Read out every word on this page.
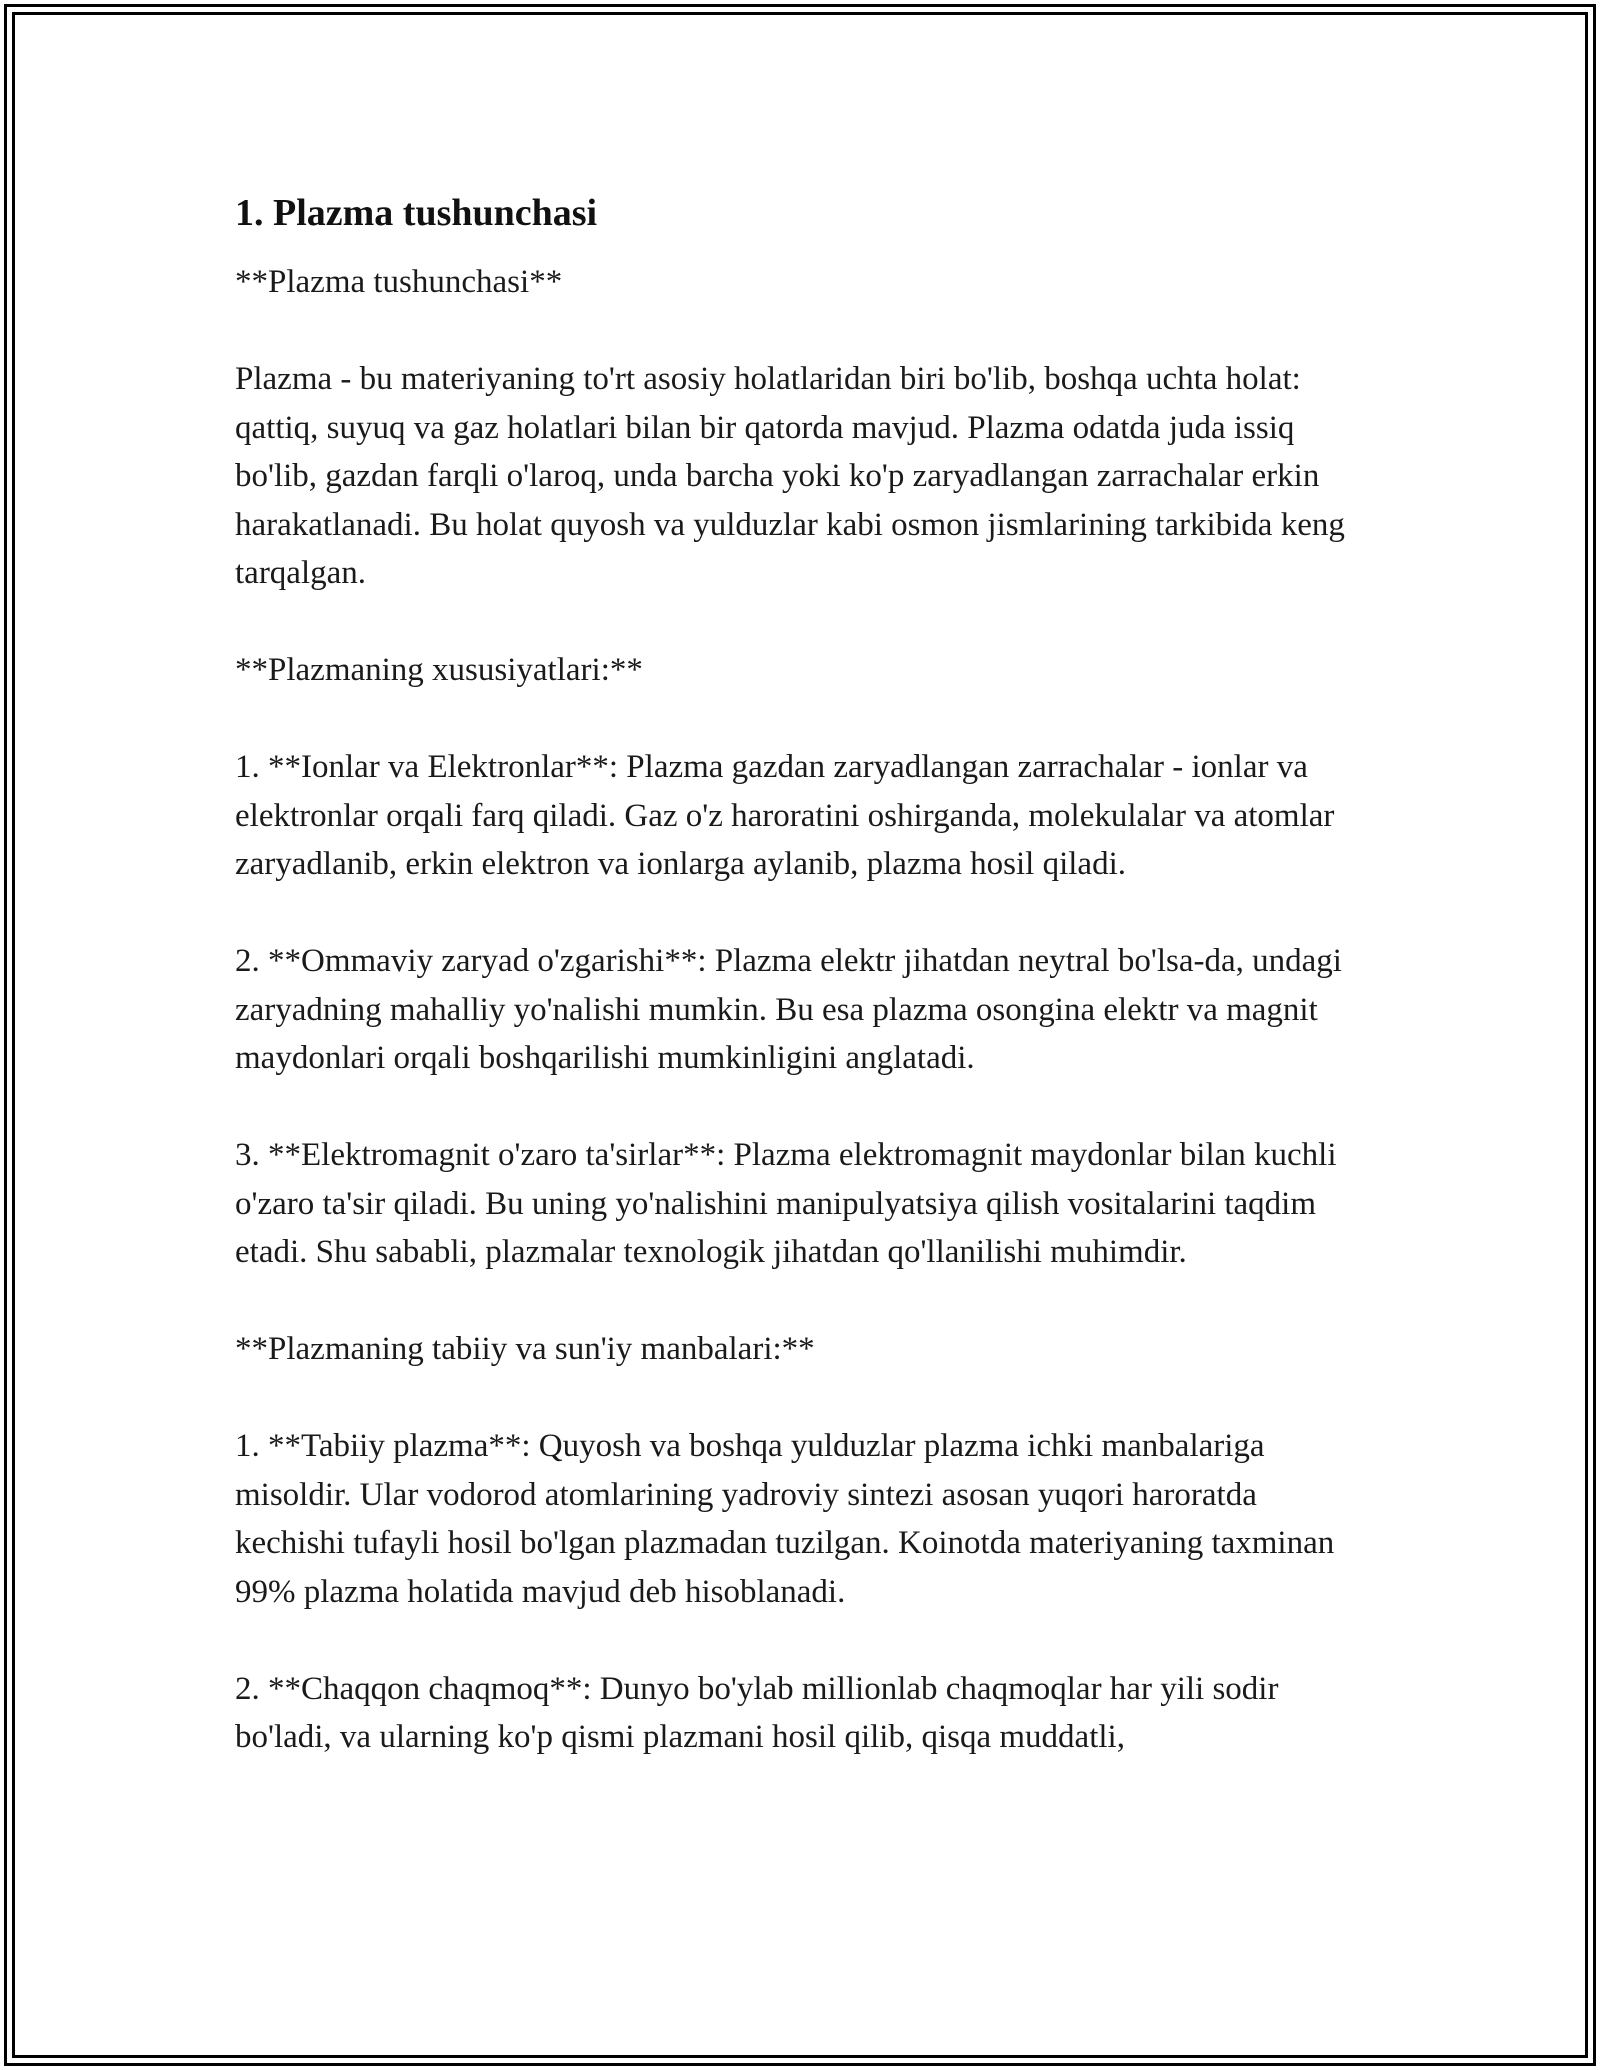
1. Plazma tushunchasi

**Plazma tushunchasi**

Plazma - bu materiyaning to'rt asosiy holatlaridan biri bo'lib, boshqa uchta holat: qattiq, suyuq va gaz holatlari bilan bir qatorda mavjud. Plazma odatda juda issiq bo'lib, gazdan farqli o'laroq, unda barcha yoki ko'p zaryadlangan zarrachalar erkin harakatlanadi. Bu holat quyosh va yulduzlar kabi osmon jismlarining tarkibida keng tarqalgan.

**Plazmaning xususiyatlari:**

1. **Ionlar va Elektronlar**: Plazma gazdan zaryadlangan zarrachalar - ionlar va elektronlar orqali farq qiladi. Gaz o'z haroratini oshirganda, molekulalar va atomlar zaryadlanib, erkin elektron va ionlarga aylanib, plazma hosil qiladi.

2. **Ommaviy zaryad o'zgarishi**: Plazma elektr jihatdan neytral bo'lsa-da, undagi zaryadning mahalliy yo'nalishi mumkin. Bu esa plazma osongina elektr va magnit maydonlari orqali boshqarilishi mumkinligini anglatadi.

3. **Elektromagnit o'zaro ta'sirlar**: Plazma elektromagnit maydonlar bilan kuchli o'zaro ta'sir qiladi. Bu uning yo'nalishini manipulyatsiya qilish vositalarini taqdim etadi. Shu sababli, plazmalar texnologik jihatdan qo'llanilishi muhimdir.

**Plazmaning tabiiy va sun'iy manbalari:**

1. **Tabiiy plazma**: Quyosh va boshqa yulduzlar plazma ichki manbalariga misoldir. Ular vodorod atomlarining yadroviy sintezi asosan yuqori haroratda kechishi tufayli hosil bo'lgan plazmadan tuzilgan. Koinotda materiyaning taxminan 99% plazma holatida mavjud deb hisoblanadi.

2. **Chaqqon chaqmoq**: Dunyo bo'ylab millionlab chaqmoqlar har yili sodir bo'ladi, va ularning ko'p qismi plazmani hosil qilib, qisqa muddatli,
